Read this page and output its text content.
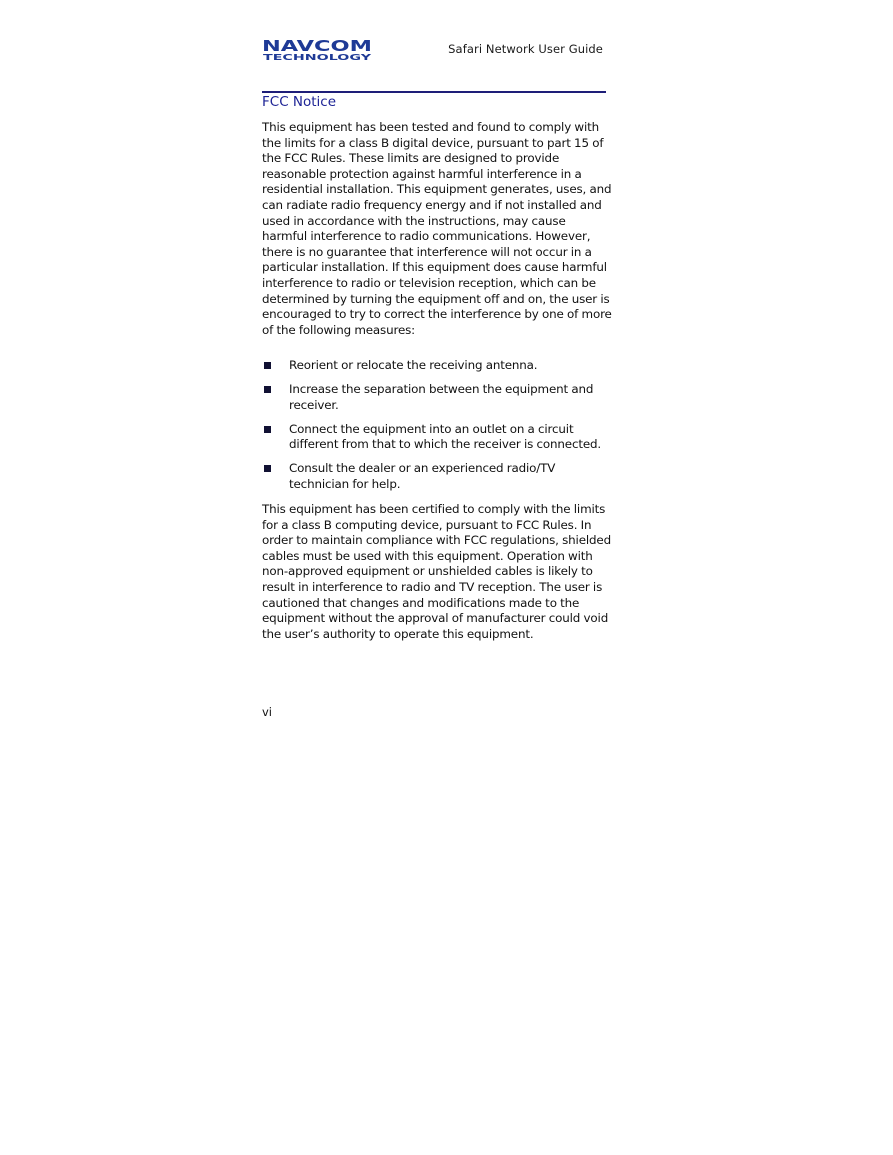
NAVCOM
TECHNOLOGY
Safari Network User Guide
FCC Notice

This equipment has been tested and found to comply with the limits for a class B digital device, pursuant to part 15 of the FCC Rules. These limits are designed to provide reasonable protection against harmful interference in a residential installation. This equipment generates, uses, and can radiate radio frequency energy and if not installed and used in accordance with the instructions, may cause harmful interference to radio communications. However, there is no guarantee that interference will not occur in a particular installation. If this equipment does cause harmful interference to radio or television reception, which can be determined by turning the equipment off and on, the user is encouraged to try to correct the interference by one of more of the following measures:

Reorient or relocate the receiving antenna.
Increase the separation between the equipment and receiver.
Connect the equipment into an outlet on a circuit different from that to which the receiver is connected.
Consult the dealer or an experienced radio/TV technician for help.

This equipment has been certified to comply with the limits for a class B computing device, pursuant to FCC Rules. In order to maintain compliance with FCC regulations, shielded cables must be used with this equipment. Operation with non-approved equipment or unshielded cables is likely to result in interference to radio and TV reception. The user is cautioned that changes and modifications made to the equipment without the approval of manufacturer could void the user’s authority to operate this equipment.

vi
